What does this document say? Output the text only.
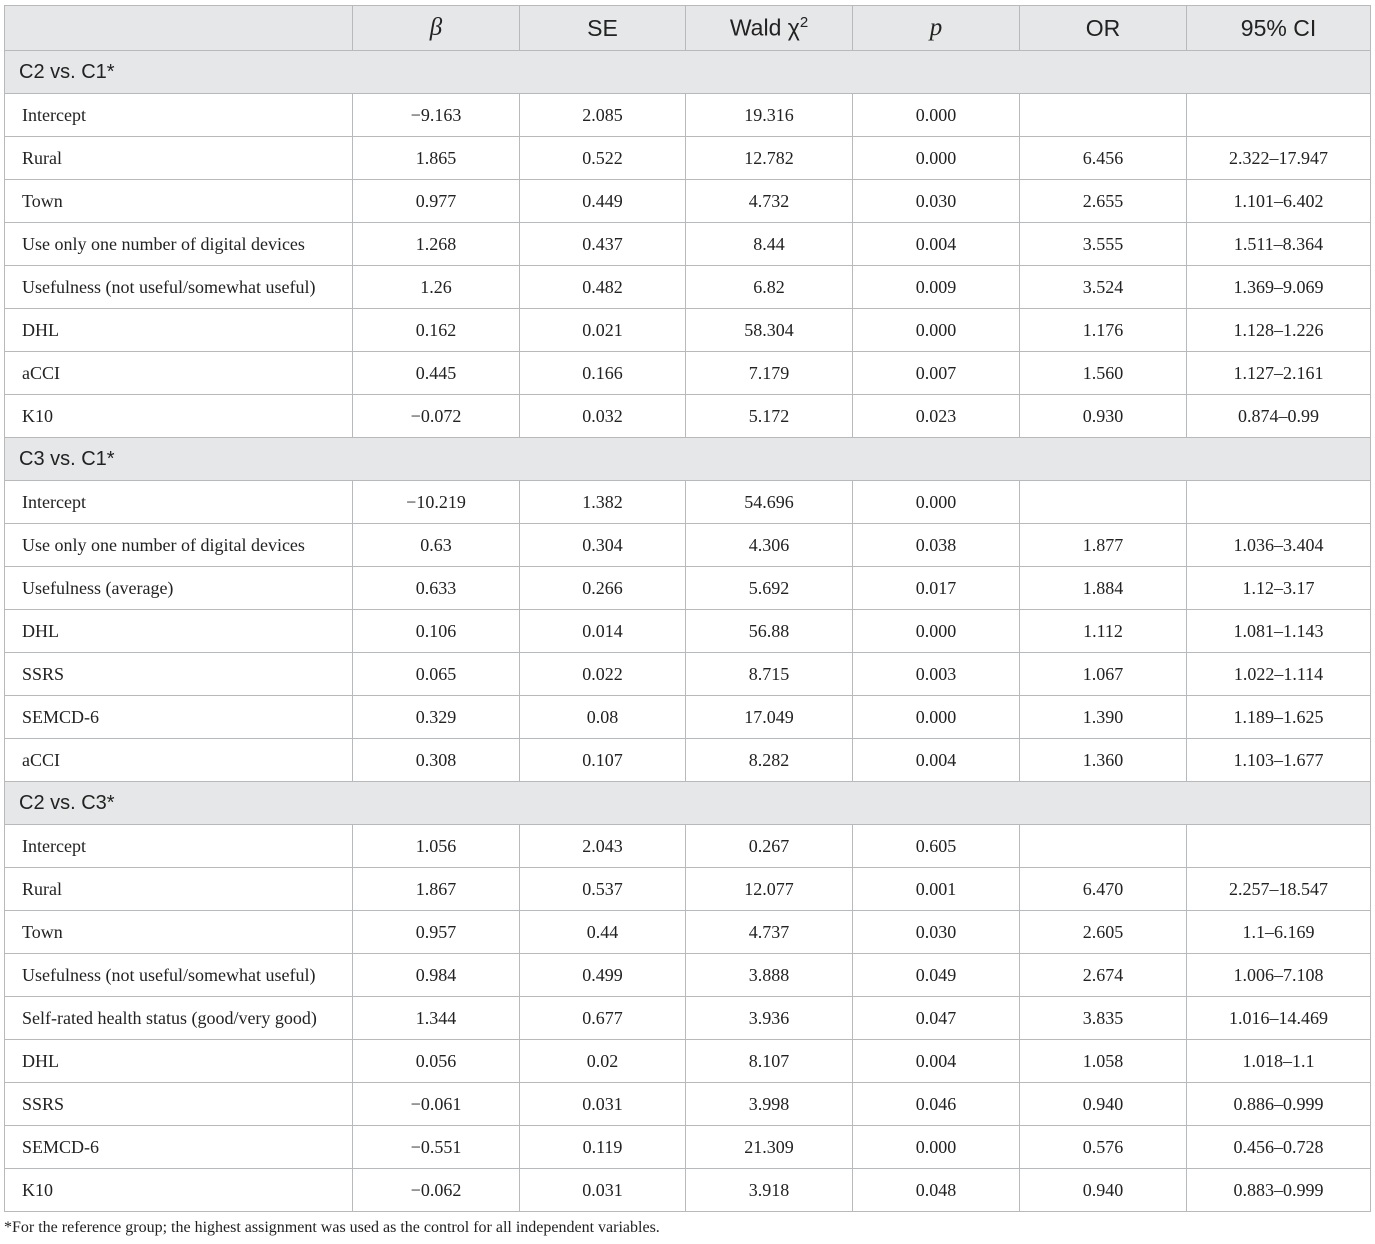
	β	SE	Wald $\chi^2$	p	OR	95% CI
C2 vs. C1*						
Intercept	−9.163	2.085	19.316	0.000		
Rural	1.865	0.522	12.782	0.000	6.456	2.322–17.947
Town	0.977	0.449	4.732	0.030	2.655	1.101–6.402
Use only one number of digital devices	1.268	0.437	8.44	0.004	3.555	1.511–8.364
Usefulness (not useful/somewhat useful)	1.26	0.482	6.82	0.009	3.524	1.369–9.069
DHL	0.162	0.021	58.304	0.000	1.176	1.128–1.226
aCCI	0.445	0.166	7.179	0.007	1.560	1.127–2.161
K10	−0.072	0.032	5.172	0.023	0.930	0.874–0.99
C3 vs. C1*						
Intercept	−10.219	1.382	54.696	0.000		
Use only one number of digital devices	0.63	0.304	4.306	0.038	1.877	1.036–3.404
Usefulness (average)	0.633	0.266	5.692	0.017	1.884	1.12–3.17
DHL	0.106	0.014	56.88	0.000	1.112	1.081–1.143
SSRS	0.065	0.022	8.715	0.003	1.067	1.022–1.114
SEMCD-6	0.329	0.08	17.049	0.000	1.390	1.189–1.625
aCCI	0.308	0.107	8.282	0.004	1.360	1.103–1.677
C2 vs. C3*						
Intercept	1.056	2.043	0.267	0.605		
Rural	1.867	0.537	12.077	0.001	6.470	2.257–18.547
Town	0.957	0.44	4.737	0.030	2.605	1.1–6.169
Usefulness (not useful/somewhat useful)	0.984	0.499	3.888	0.049	2.674	1.006–7.108
Self-rated health status (good/very good)	1.344	0.677	3.936	0.047	3.835	1.016–14.469
DHL	0.056	0.02	8.107	0.004	1.058	1.018–1.1
SSRS	−0.061	0.031	3.998	0.046	0.940	0.886–0.999
SEMCD-6	−0.551	0.119	21.309	0.000	0.576	0.456–0.728
K10	−0.062	0.031	3.918	0.048	0.940	0.883–0.999
*For the reference group; the highest assignment was used as the control for all independent variables.
